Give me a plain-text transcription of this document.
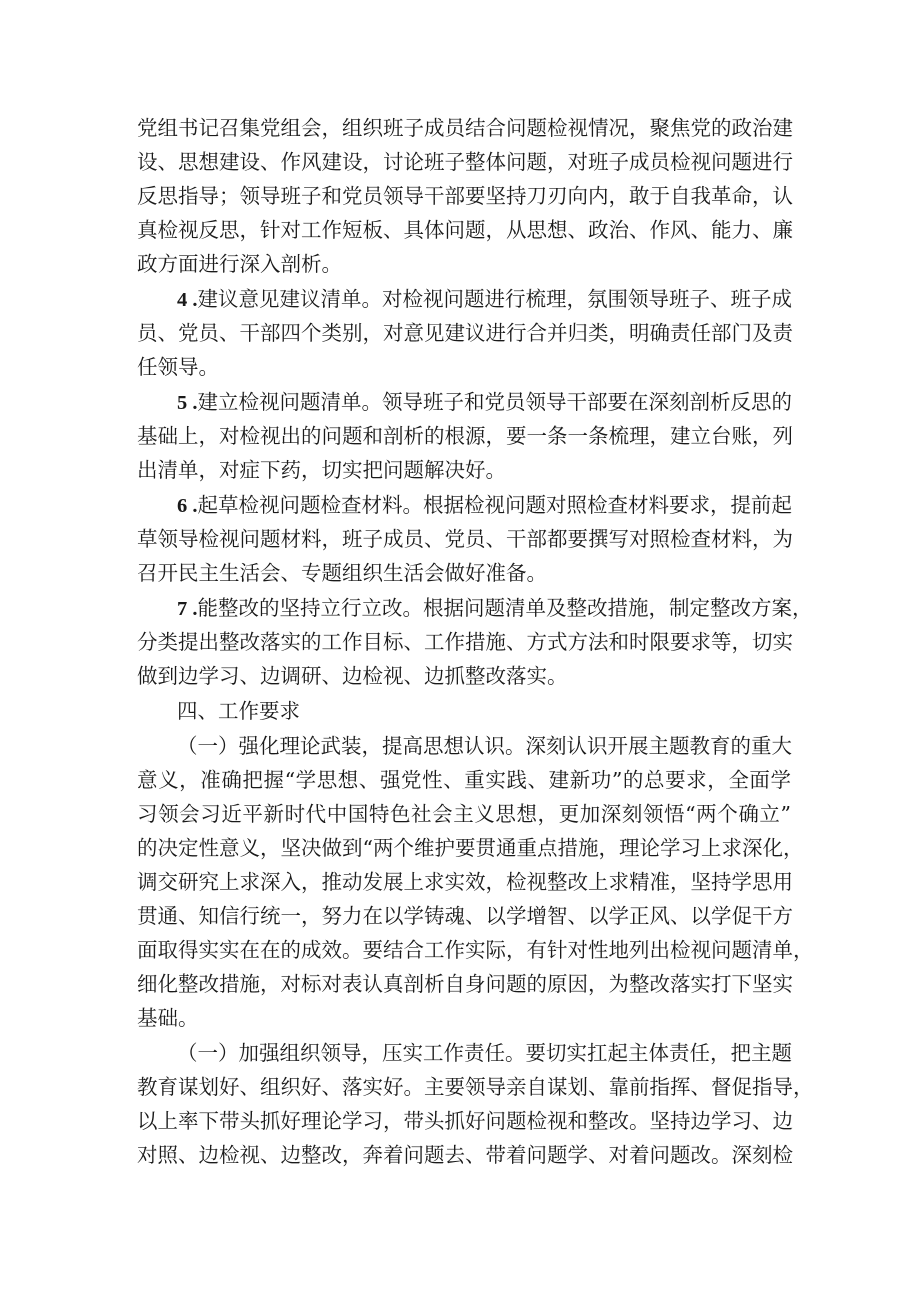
党组书记召集党组会，组织班子成员结合问题检视情况，聚焦党的政治建
设、思想建设、作风建设，讨论班子整体问题，对班子成员检视问题进行
反思指导；领导班子和党员领导干部要坚持刀刃向内，敢于自我革命，认
真检视反思，针对工作短板、具体问题，从思想、政治、作风、能力、廉
政方面进行深入剖析。
4 .建议意见建议清单。对检视问题进行梳理，氛围领导班子、班子成
员、党员、干部四个类别，对意见建议进行合并归类，明确责任部门及责
任领导。
5 .建立检视问题清单。领导班子和党员领导干部要在深刻剖析反思的
基础上，对检视出的问题和剖析的根源，要一条一条梳理，建立台账，列
出清单，对症下药，切实把问题解决好。
6 .起草检视问题检查材料。根据检视问题对照检查材料要求，提前起
草领导检视问题材料，班子成员、党员、干部都要撰写对照检查材料，为
召开民主生活会、专题组织生活会做好准备。
7 .能整改的坚持立行立改。根据问题清单及整改措施，制定整改方案，
分类提出整改落实的工作目标、工作措施、方式方法和时限要求等，切实
做到边学习、边调研、边检视、边抓整改落实。
四、工作要求
（一）强化理论武装，提高思想认识。深刻认识开展主题教育的重大
意义，准确把握“学思想、强党性、重实践、建新功”的总要求，全面学
习领会习近平新时代中国特色社会主义思想，更加深刻领悟“两个确立”
的决定性意义，坚决做到“两个维护要贯通重点措施，理论学习上求深化，
调交研究上求深入，推动发展上求实效，检视整改上求精准，坚持学思用
贯通、知信行统一，努力在以学铸魂、以学增智、以学正风、以学促干方
面取得实实在在的成效。要结合工作实际，有针对性地列出检视问题清单，
细化整改措施，对标对表认真剖析自身问题的原因，为整改落实打下坚实
基础。
（一）加强组织领导，压实工作责任。要切实扛起主体责任，把主题
教育谋划好、组织好、落实好。主要领导亲自谋划、靠前指挥、督促指导，
以上率下带头抓好理论学习，带头抓好问题检视和整改。坚持边学习、边
对照、边检视、边整改，奔着问题去、带着问题学、对着问题改。深刻检
